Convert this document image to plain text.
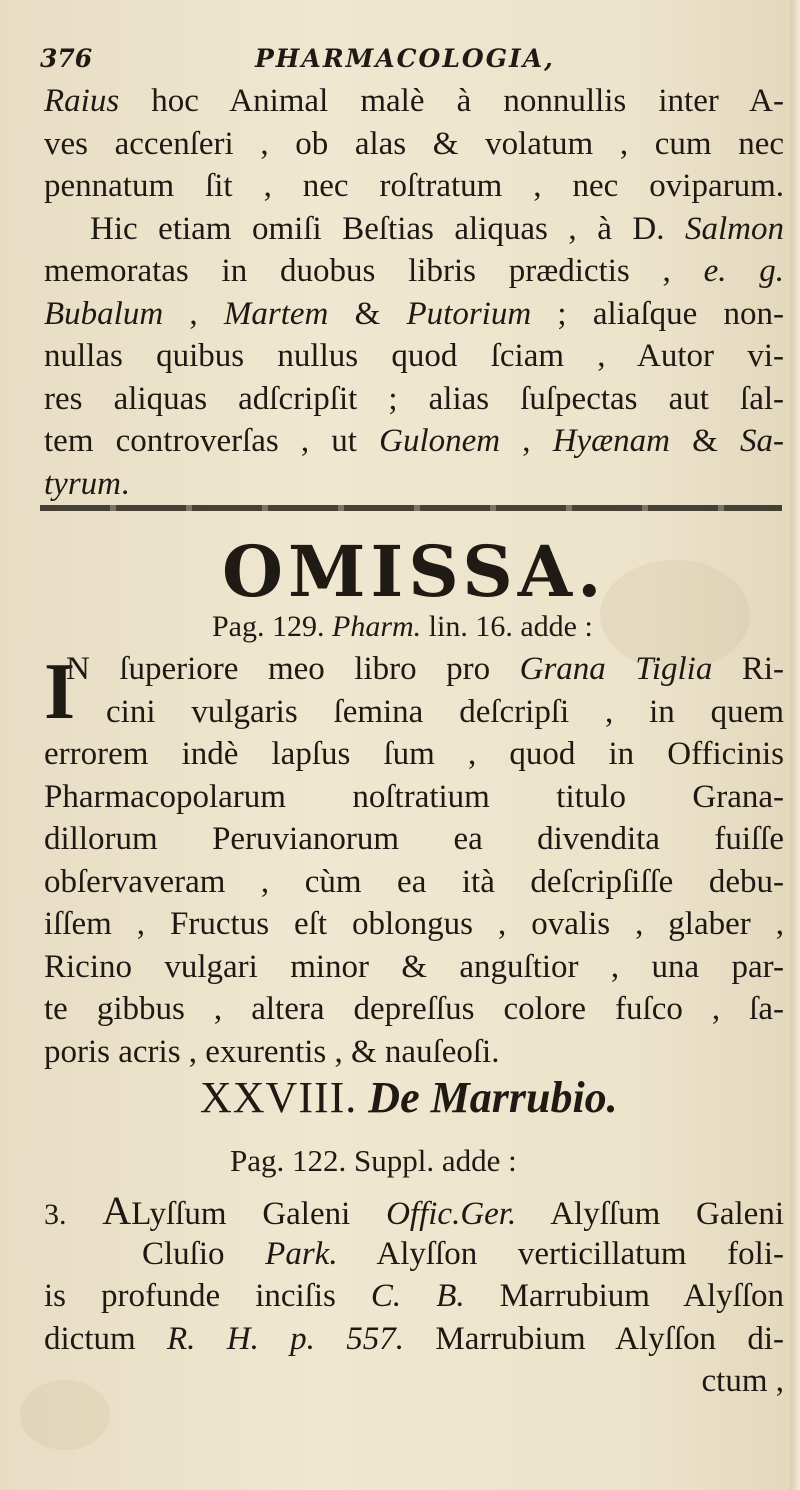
376	PHARMACOLOGIA,
Raius hoc Animal malè à nonnullis inter A-
ves accenſeri , ob alas & volatum , cum nec
pennatum ſit , nec roſtratum , nec oviparum.
Hic etiam omiſi Beſtias aliquas , à D. Salmon
memoratas in duobus libris prædictis , e. g.
Bubalum , Martem & Putorium ; aliaſque non-
nullas quibus nullus quod ſciam , Autor vi-
res aliquas adſcripſit ; alias ſuſpectas aut ſal-
tem controverſas , ut Gulonem , Hyænam & Sa-
tyrum.
OMISSA.
Pag. 129. Pharm. lin. 16. adde :
I
N ſuperiore meo libro pro Grana Tiglia Ri-
cini vulgaris ſemina deſcripſi , in quem
errorem indè lapſus ſum , quod in Officinis
Pharmacopolarum noſtratium titulo Grana-
dillorum Peruvianorum ea divendita fuiſſe
obſervaveram , cùm ea ità deſcripſiſſe debu-
iſſem , Fructus eſt oblongus , ovalis , glaber ,
Ricino vulgari minor & anguſtior , una par-
te gibbus , altera depreſſus colore fuſco , ſa-
poris acris , exurentis , & nauſeoſi.
XXVIII. De Marrubio.
Pag. 122. Suppl. adde :
3. ALyſſum Galeni Offic.Ger. Alyſſum Galeni
Cluſio Park. Alyſſon verticillatum foli-
is profunde inciſis C. B. Marrubium Alyſſon
dictum R. H. p. 557. Marrubium Alyſſon di-
ctum ,
